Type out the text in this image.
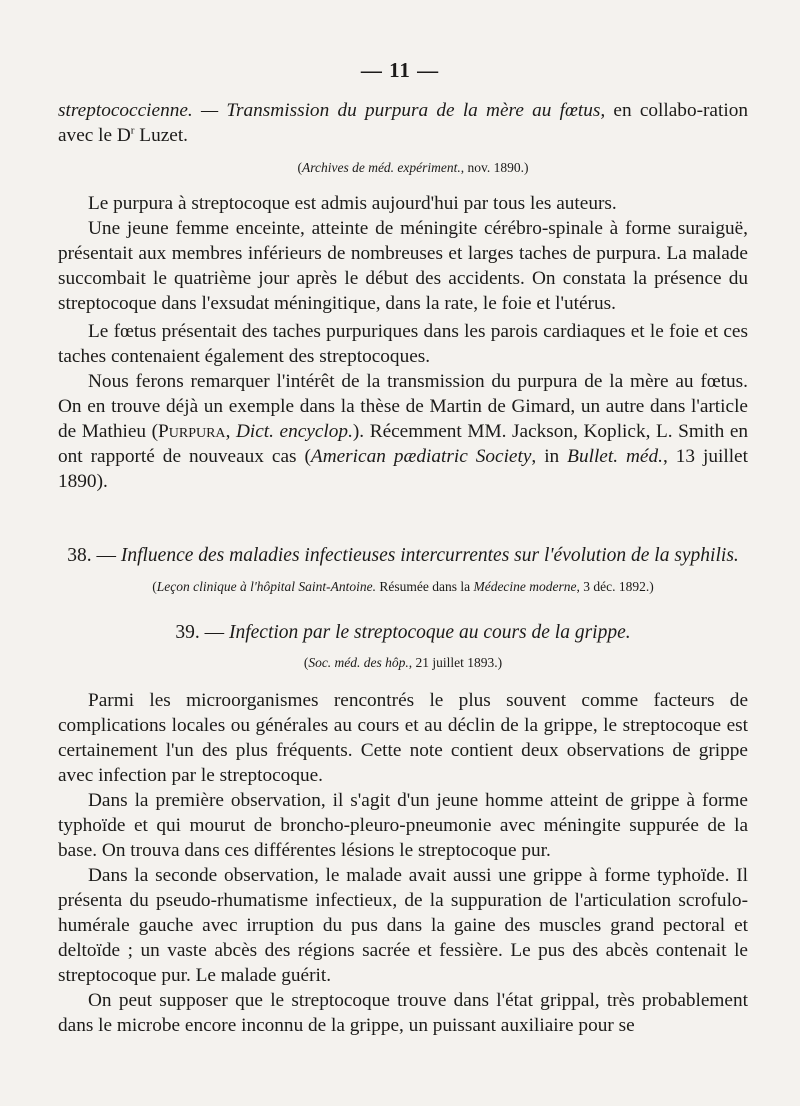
— 11 —

streptococcienne. — Transmission du purpura de la mère au fœtus, en collabo-ration avec le $D^r$ Luzet.

(Archives de méd. expériment., nov. 1890.)

Le purpura à streptocoque est admis aujourd'hui par tous les auteurs.

Une jeune femme enceinte, atteinte de méningite cérébro-spinale à forme suraiguë, présentait aux membres inférieurs de nombreuses et larges taches de purpura. La malade succombait le quatrième jour après le début des accidents. On constata la présence du streptocoque dans l'exsudat méningitique, dans la rate, le foie et l'utérus.

Le fœtus présentait des taches purpuriques dans les parois cardiaques et le foie et ces taches contenaient également des streptocoques.

Nous ferons remarquer l'intérêt de la transmission du purpura de la mère au fœtus. On en trouve déjà un exemple dans la thèse de Martin de Gimard, un autre dans l'article de Mathieu (Purpura, Dict. encyclop.). Récemment MM. Jackson, Koplick, L. Smith en ont rapporté de nouveaux cas (American pædiatric Society, in Bullet. méd., 13 juillet 1890).

38. — Influence des maladies infectieuses intercurrentes sur l'évolution de la syphilis.

(Leçon clinique à l'hôpital Saint-Antoine. Résumée dans la Médecine moderne, 3 déc. 1892.)

39. — Infection par le streptocoque au cours de la grippe.

(Soc. méd. des hôp., 21 juillet 1893.)

Parmi les microorganismes rencontrés le plus souvent comme facteurs de complications locales ou générales au cours et au déclin de la grippe, le streptocoque est certainement l'un des plus fréquents. Cette note contient deux observations de grippe avec infection par le streptocoque.

Dans la première observation, il s'agit d'un jeune homme atteint de grippe à forme typhoïde et qui mourut de broncho-pleuro-pneumonie avec méningite suppurée de la base. On trouva dans ces différentes lésions le streptocoque pur.

Dans la seconde observation, le malade avait aussi une grippe à forme typhoïde. Il présenta du pseudo-rhumatisme infectieux, de la suppuration de l'articulation scrofulo-humérale gauche avec irruption du pus dans la gaine des muscles grand pectoral et deltoïde ; un vaste abcès des régions sacrée et fessière. Le pus des abcès contenait le streptocoque pur. Le malade guérit.

On peut supposer que le streptocoque trouve dans l'état grippal, très probablement dans le microbe encore inconnu de la grippe, un puissant auxiliaire pour se
